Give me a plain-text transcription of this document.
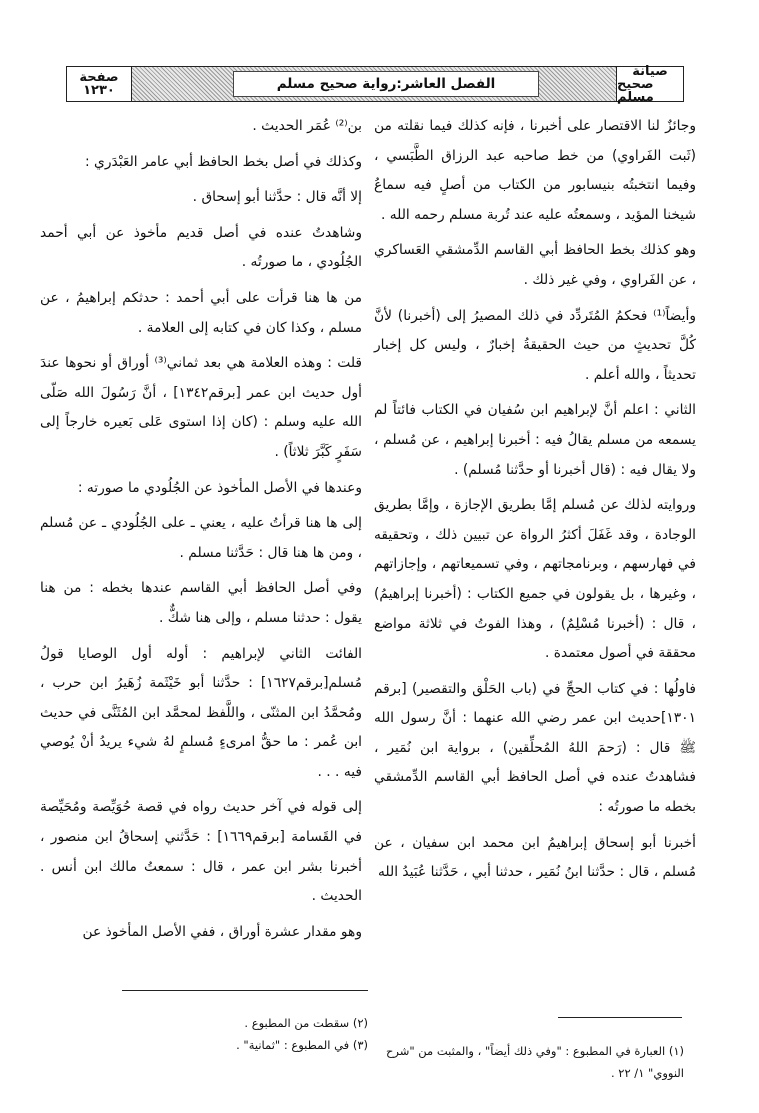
صيانة
صحيح مسلم
الفصل العاشر:رواية صحيح مسلم
صفحة
١٢٣٠

وجائزٌ لنا الاقتصار على أخبرنا ، فإنه كذلك فيما نقلته من (ثَبت الفَراوي) من خط صاحبه عبد الرزاق الطَّبَسي ، وفيما انتخبتُه بنيسابور من الكتاب من أصلٍ فيه سماعُ شيخنا المؤيد ، وسمعتُه عليه عند تُربة مسلم رحمه الله .

وهو كذلك بخط الحافظ أبي القاسم الدِّمشقي العَساكري ، عن الفَراوي ، وفي غير ذلك .

وأيضاً⁽¹⁾ فحكمُ المُتَردِّد في ذلك المصيرُ إلى (أخبرنا) لأنَّ كُلَّ تحديثٍ من حيث الحقيقةُ إخبارٌ ، وليس كل إخبار تحديثاً ، والله أعلم .

الثاني : اعلم أنَّ لإبراهيم ابن سُفيان في الكتاب فائتاً لم يسمعه من مسلم يقالُ فيه : أخبرنا إبراهيم ، عن مُسلم ، ولا يقال فيه : (قال أخبرنا أو حدَّثنا مُسلم) .

وروايته لذلك عن مُسلم إمَّا بطريق الإجازة ، وإمَّا بطريق الوجادة ، وقد غَفَلَ أكثرُ الرواة عن تبيين ذلك ، وتحقيقه في فهارسهم ، وبرنامجاتهم ، وفي تسميعاتهم ، وإجازاتهم ، وغيرها ، بل يقولون في جميع الكتاب : (أخبرنا إبراهيمُ) ، قال : (أخبرنا مُسْلِمٌ) ، وهذا الفوتُ في ثلاثة مواضع محققة في أصول معتمدة .

فاولُها : في كتاب الحجِّ في (باب الحَلْق والتقصير) [برقم ١٣٠١]حديث ابن عمر رضي الله عنهما : أنَّ رسول الله ﷺ قال : (رَحمَ اللهُ المُحلِّقين) ، برواية ابن نُمَير ، فشاهدتُ عنده في أصل الحافظ أبي القاسم الدِّمشقي بخطه ما صورتُه :

أخبرنا أبو إسحاق إبراهيمُ ابن محمد ابن سفيان ، عن مُسلم ، قال : حدَّثنا ابنُ نُمَير ، حدثنا أبي ، حَدَّثنا عُبَيدُ الله

بن⁽²⁾ عُمَر الحديث .

وكذلك في أصل بخط الحافظ أبي عامر العَبْدَري :

إلا أنَّه قال : حدَّثنا أبو إسحاق .

وشاهدتُ عنده في أصل قديم مأخوذ عن أبي أحمد الجُلُودي ، ما صورتُه .

من ها هنا قرأت على أبي أحمد : حدثكم إبراهيمُ ، عن مسلم ، وكذا كان في كتابه إلى العلامة .

قلت : وهذه العلامة هي بعد ثماني⁽³⁾ أوراق أو نحوها عندَ أول حديث ابن عمر [برقم١٣٤٢] ، أنَّ رَسُولَ الله صَلّى الله عليه وسلم : (كان إذا استوى عَلى بَعيره خارجاً إلى سَفَرٍ كَبَّرَ ثلاثاً) .

وعندها في الأصل المأخوذ عن الجُلُودي ما صورته :

إلى ها هنا قرأتُ عليه ، يعني ـ على الجُلُودي ـ عن مُسلم ، ومن ها هنا قال : حَدَّثنا مسلم .

وفي أصل الحافظ أبي القاسم عندها بخطه : من هنا يقول : حدثنا مسلم ، وإلى هنا شكٌّ .

الفائت الثاني لإبراهيم : أوله أول الوصايا قولُ مُسلم[برقم١٦٢٧] : حدَّثنا أبو خَيْثَمة زُهَيرُ ابن حرب ، ومُحمَّدُ ابن المثنّى ، واللَّفظ لمحمَّد ابن المُثَنَّى في حديث ابن عُمر : ما حقُّ امرىءٍ مُسلمٍ لهُ شيء يريدُ أنْ يُوصي فيه . . .

إلى قوله في آخر حديث رواه في قصة حُوَيِّصة ومُحَيِّصة في القَسامة [برقم١٦٦٩] : حَدَّثني إسحاقُ ابن منصور ، أخبرنا بشر ابن عمر ، قال : سمعتُ مالك ابن أنس . الحديث .

وهو مقدار عشرة أوراق ، ففي الأصل المأخوذ عن

(١) العبارة في المطبوع : "وفي ذلك أيضاً" ، والمثبت من "شرح النووي" ١/ ٢٢ .

(٢) سقطت من المطبوع .

(٣) في المطبوع : "ثمانية" .
